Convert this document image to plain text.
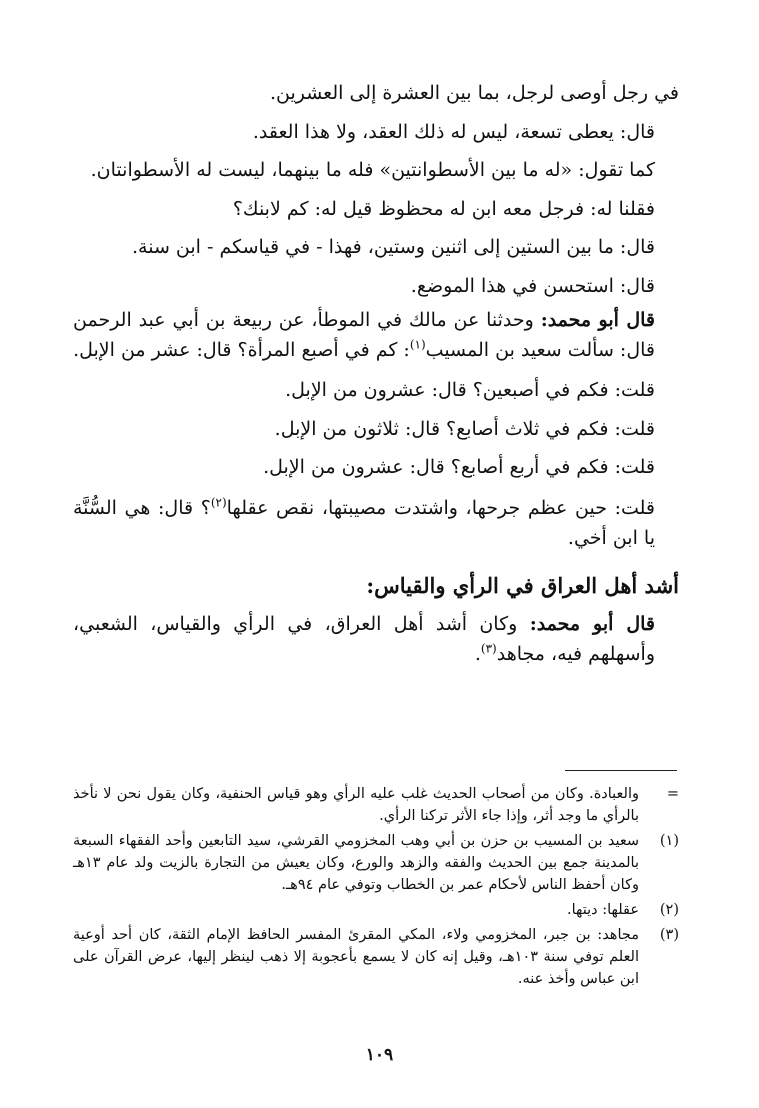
في رجل أوصى لرجل، بما بين العشرة إلى العشرين.

قال: يعطى تسعة، ليس له ذلك العقد، ولا هذا العقد.

كما تقول: «له ما بين الأسطوانتين» فله ما بينهما، ليست له الأسطوانتان.

فقلنا له: فرجل معه ابن له محظوظ قيل له: كم لابنك؟

قال: ما بين الستين إلى اثنين وستين، فهذا - في قياسكم - ابن سنة.

قال: استحسن في هذا الموضع.

قال أبو محمد: وحدثنا عن مالك في الموطأ، عن ربيعة بن أبي عبد الرحمن قال: سألت سعيد بن المسيب$^{(١)}$: كم في أصبع المرأة؟ قال: عشر من الإبل.

قلت: فكم في أصبعين؟ قال: عشرون من الإبل.

قلت: فكم في ثلاث أصابع؟ قال: ثلاثون من الإبل.

قلت: فكم في أربع أصابع؟ قال: عشرون من الإبل.

قلت: حين عظم جرحها، واشتدت مصيبتها، نقص عقلها$^{(٢)}$؟ قال: هي السُّنَّة يا ابن أخي.

أشد أهل العراق في الرأي والقياس:

قال أبو محمد: وكان أشد أهل العراق، في الرأي والقياس، الشعبي، وأسهلهم فيه، مجاهد$^{(٣)}$.

=
والعبادة. وكان من أصحاب الحديث غلب عليه الرأي وهو قياس الحنفية، وكان يقول نحن لا نأخذ بالرأي ما وجد أثر، وإذا جاء الأثر تركنا الرأي.
(١)
سعيد بن المسيب بن حزن بن أبي وهب المخزومي القرشي، سيد التابعين وأحد الفقهاء السبعة بالمدينة جمع بين الحديث والفقه والزهد والورع، وكان يعيش من التجارة بالزيت ولد عام ١٣هـ وكان أحفظ الناس لأحكام عمر بن الخطاب وتوفي عام ٩٤هـ.
(٢)
عقلها: ديتها.
(٣)
مجاهد: بن جبر، المخزومي ولاء، المكي المقرئ المفسر الحافظ الإمام الثقة، كان أحد أوعية العلم توفي سنة ١٠٣هـ، وقيل إنه كان لا يسمع بأعجوبة إلا ذهب لينظر إليها، عرض القرآن على ابن عباس وأخذ عنه.
١٠٩
